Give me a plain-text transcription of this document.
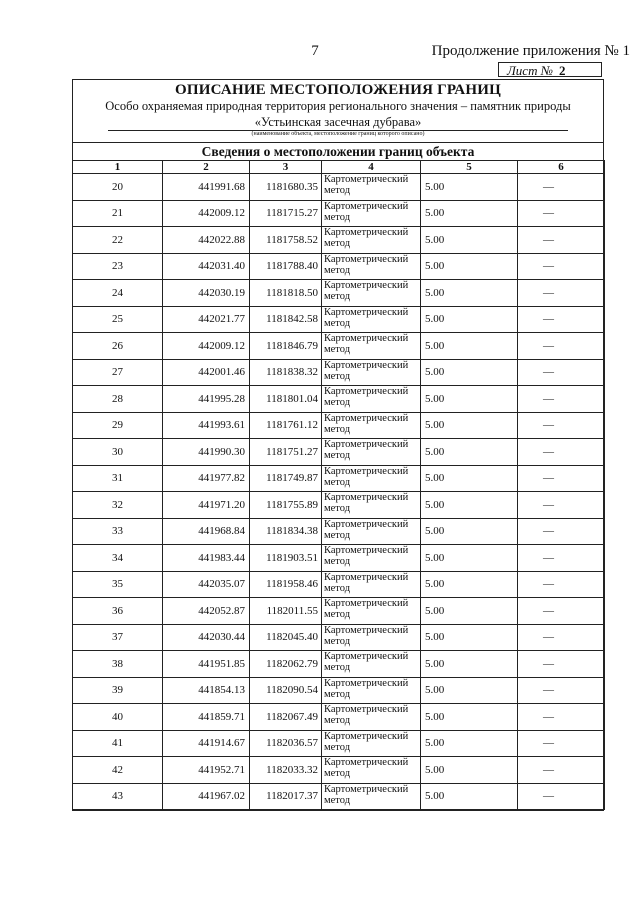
7	Продолжение приложения № 1
Лист № 2
ОПИСАНИЕ МЕСТОПОЛОЖЕНИЯ ГРАНИЦ
Особо охраняемая природная территория регионального значения – памятник природы
«Устьинская засечная дубрава»
(наименование объекта, местоположение границ которого описано)
Сведения о местоположении границ объекта
1	2	3	4	5	6
20	441991.68	1181680.35	Картометрический метод	5.00	—
21	442009.12	1181715.27	Картометрический метод	5.00	—
22	442022.88	1181758.52	Картометрический метод	5.00	—
23	442031.40	1181788.40	Картометрический метод	5.00	—
24	442030.19	1181818.50	Картометрический метод	5.00	—
25	442021.77	1181842.58	Картометрический метод	5.00	—
26	442009.12	1181846.79	Картометрический метод	5.00	—
27	442001.46	1181838.32	Картометрический метод	5.00	—
28	441995.28	1181801.04	Картометрический метод	5.00	—
29	441993.61	1181761.12	Картометрический метод	5.00	—
30	441990.30	1181751.27	Картометрический метод	5.00	—
31	441977.82	1181749.87	Картометрический метод	5.00	—
32	441971.20	1181755.89	Картометрический метод	5.00	—
33	441968.84	1181834.38	Картометрический метод	5.00	—
34	441983.44	1181903.51	Картометрический метод	5.00	—
35	442035.07	1181958.46	Картометрический метод	5.00	—
36	442052.87	1182011.55	Картометрический метод	5.00	—
37	442030.44	1182045.40	Картометрический метод	5.00	—
38	441951.85	1182062.79	Картометрический метод	5.00	—
39	441854.13	1182090.54	Картометрический метод	5.00	—
40	441859.71	1182067.49	Картометрический метод	5.00	—
41	441914.67	1182036.57	Картометрический метод	5.00	—
42	441952.71	1182033.32	Картометрический метод	5.00	—
43	441967.02	1182017.37	Картометрический метод	5.00	—
